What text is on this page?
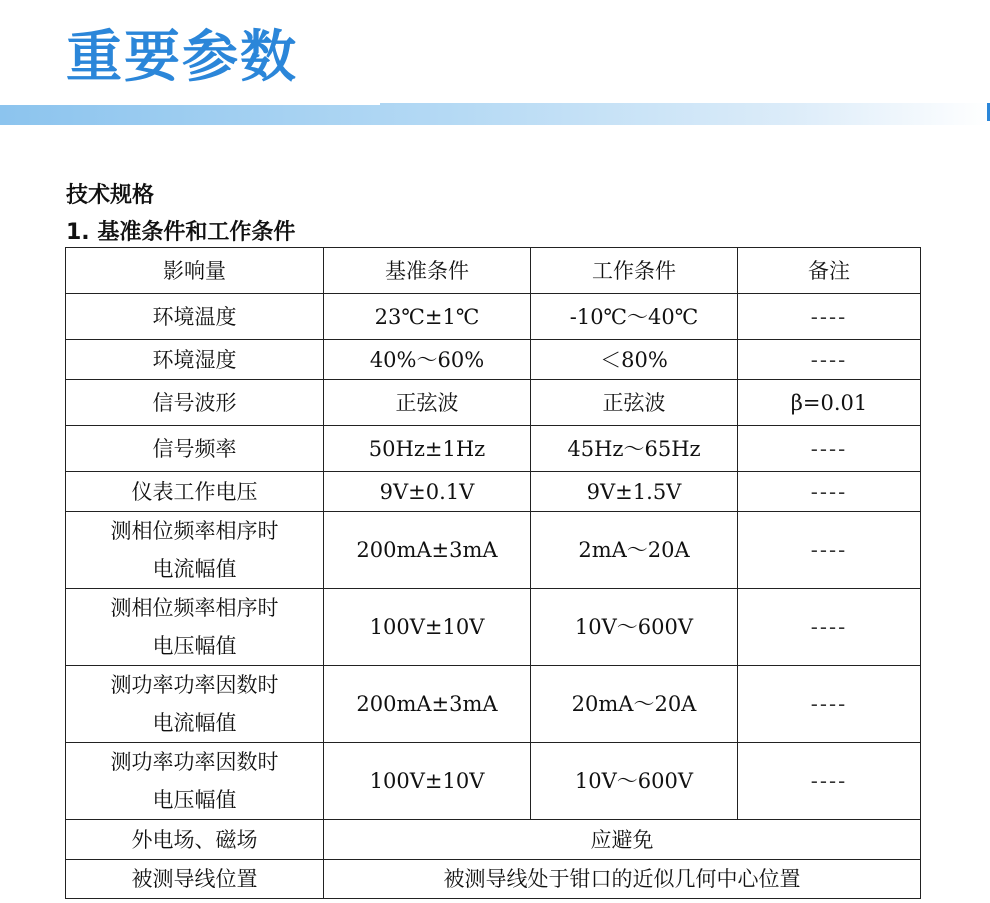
重要参数
技术规格
1. 基准条件和工作条件
影响量	基准条件	工作条件	备注
环境温度	23℃±1℃	-10℃～40℃	----
环境湿度	40%～60%	＜80%	----
信号波形	正弦波	正弦波	β=0.01
信号频率	50Hz±1Hz	45Hz～65Hz	----
仪表工作电压	9V±0.1V	9V±1.5V	----
测相位频率相序时
电流幅值	200mA±3mA	2mA～20A	----
测相位频率相序时
电压幅值	100V±10V	10V～600V	----
测功率功率因数时
电流幅值	200mA±3mA	20mA～20A	----
测功率功率因数时
电压幅值	100V±10V	10V～600V	----
外电场、磁场	应避免		
被测导线位置	被测导线处于钳口的近似几何中心位置		
